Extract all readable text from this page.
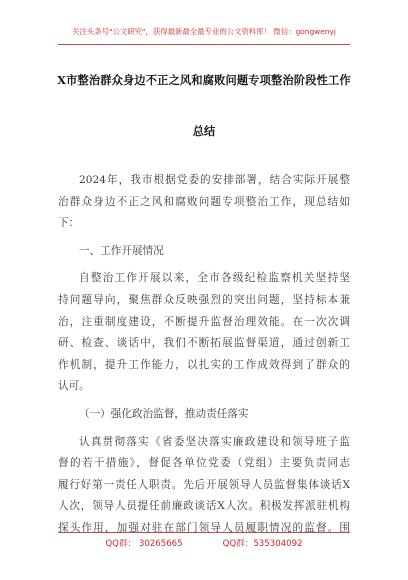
关注头条号"公文研究"，获得最新最全最专业的公文资料库！ 微信：gongwenyj
X市整治群众身边不正之风和腐败问题专项整治阶段性工作
总结
2024年，我市根据党委的安排部署，结合实际开展整
治群众身边不正之风和腐败问题专项整治工作，现总结如
下：
一、工作开展情况
自整治工作开展以来，全市各级纪检监察机关坚持坚
持问题导向，聚焦群众反映强烈的突出问题，坚持标本兼
治，注重制度建设，不断提升监督治理效能。在一次次调
研、检查、谈话中，我们不断拓展监督渠道，通过创新工
作机制，提升工作能力，以扎实的工作成效得到了群众的
认可。
（一）强化政治监督，推动责任落实
认真贯彻落实《省委坚决落实廉政建设和领导班子监
督的若干措施》，督促各单位党委（党组）主要负责同志
履行好第一责任人职责。先后开展领导人员监督集体谈话X
人次，领导人员提任前廉政谈话X人次。积极发挥派驻机构
探头作用，加强对驻在部门领导人员履职情况的监督。围
QQ群： 30265665	QQ群：535304092
